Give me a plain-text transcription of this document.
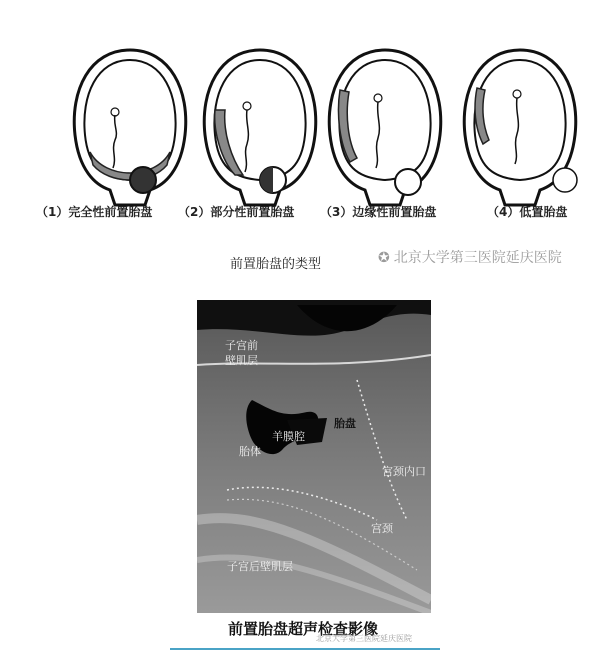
（1）完全性前置胎盘 （2）部分性前置胎盘 （3）边缘性前置胎盘	（4）低置胎盘
前置胎盘的类型	✪ 北京大学第三医院延庆医院
子宫前
壁肌层
羊膜腔
胎盘
胎体
宫颈内口
宫颈
子宫后壁肌层
前置胎盘超声检查影像
北京大学第三医院延庆医院
